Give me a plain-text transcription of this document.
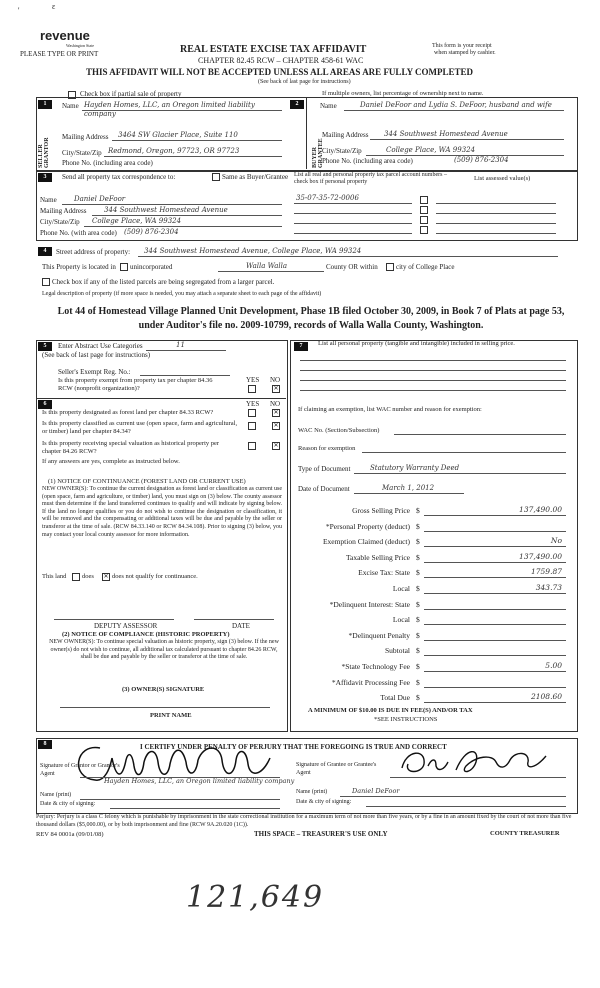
'	ɛ
revenue
Washington State
PLEASE TYPE OR PRINT	REAL ESTATE EXCISE TAX AFFIDAVIT
CHAPTER 82.45 RCW – CHAPTER 458-61 WAC
THIS AFFIDAVIT WILL NOT BE ACCEPTED UNLESS ALL AREAS ARE FULLY COMPLETED
(See back of last page for instructions)
This form is your receipt
when stamped by cashier.
Check box if partial sale of property	If multiple owners, list percentage of ownership next to name.
1	2
SELLER GRANTOR	BUYER GRANTEE
Name Hayden Homes, LLC, an Oregon limited liability company
Mailing Address 3464 SW Glacier Place, Suite 110
City/State/Zip Redmond, Oregon, 97723, OR 97723
Phone No. (including area code)
Name	Daniel DeFoor and Lydia S. DeFoor, husband and wife
Mailing Address 344 Southwest Homestead Avenue
City/State/Zip	College Place, WA 99324
Phone No. (including area code)	(509) 876-2304
3	Send all property tax correspondence to:	Same as Buyer/Grantee
Name Daniel DeFoor
Mailing Address	344 Southwest Homestead Avenue
City/State/Zip College Place, WA 99324
Phone No. (with area code) (509) 876-2304
List all real and personal property tax parcel account numbers – check box if personal property	List assessed value(s)
35-07-35-72-0006
4	Street address of property: 344 Southwest Homestead Avenue, College Place, WA 99324
This Property is located in unincorporated	Walla Walla	County OR within	city of College Place
Check box if any of the listed parcels are being segregated from a larger parcel.
Legal description of property (if more space is needed, you may attach a separate sheet to each page of the affidavit)
Lot 44 of Homestead Village Planned Unit Development, Phase 1B filed October 30, 2009, in Book 7 of Plats at page 53, under Auditor's file no. 2009-10799, records of Walla Walla County, Washington.
5	Enter Abstract Use Categories	11
(See back of last page for instructions)
Seller's Exempt Reg. No.:
YES NO
Is this property exempt from property tax per chapter 84.36 RCW (nonprofit organization)?	✕
6	YES NO
Is this property designated as forest land per chapter 84.33 RCW?	✕
Is this property classified as current use (open space, farm and agricultural, or timber) land per chapter 84.34?
✕
Is this property receiving special valuation as historical property per chapter 84.26 RCW?
✕
If any answers are yes, complete as instructed below.
(1) NOTICE OF CONTINUANCE (FOREST LAND OR CURRENT USE)
NEW OWNER(S): To continue the current designation as forest land or classification as current use (open space, farm and agriculture, or timber) land, you must sign on (3) below. The county assessor must then determine if the land transferred continues to qualify and will indicate by signing below. If the land no longer qualifies or you do not wish to continue the designation or classification, it will be removed and the compensating or additional taxes will be due and payable by the seller or transferor at the time of sale. (RCW 84.33.140 or RCW 84.34.108). Prior to signing (3) below, you may contact your local county assessor for more information.
This land does ✕ does not qualify for continuance.
DEPUTY ASSESSOR	DATE
(2) NOTICE OF COMPLIANCE (HISTORIC PROPERTY)
NEW OWNER(S): To continue special valuation as historic property, sign (3) below. If the new owner(s) do not wish to continue, all additional tax calculated pursuant to chapter 84.26 RCW, shall be due and payable by the seller or transferor at the time of sale.
(3) OWNER(S) SIGNATURE
PRINT NAME
7	List all personal property (tangible and intangible) included in selling price.
If claiming an exemption, list WAC number and reason for exemption:
WAC No. (Section/Subsection)
Reason for exemption
Type of Document	Statutory Warranty Deed
Date of Document	March 1, 2012
Gross Selling Price $	137,490.00
*Personal Property (deduct) $
Exemption Claimed (deduct) $	No
Taxable Selling Price $	137,490.00
Excise Tax: State $	1759.87
Local $	343.73
*Delinquent Interest: State $
Local $
*Delinquent Penalty $
Subtotal $
*State Technology Fee $	5.00
*Affidavit Processing Fee $
Total Due $	2108.60
A MINIMUM OF $10.00 IS DUE IN FEE(S) AND/OR TAX
*SEE INSTRUCTIONS
8	I CERTIFY UNDER PENALTY OF PERJURY THAT THE FOREGOING IS TRUE AND CORRECT
Signature of Grantor or Grantor's Agent
Hayden Homes, LLC, an Oregon limited liability company
Name (print)
Date & city of signing:
Signature of Grantee or Grantee's Agent
Name (print)	Daniel DeFoor
Date & city of signing:
Perjury: Perjury is a class C felony which is punishable by imprisonment in the state correctional institution for a maximum term of not more than five years, or by a fine in an amount fixed by the court of not more than five thousand dollars ($5,000.00), or by both imprisonment and fine (RCW 9A.20.020 (1C)).
REV 84 0001a (09/01/08)	THIS SPACE – TREASURER'S USE ONLY	COUNTY TREASURER
121,649
